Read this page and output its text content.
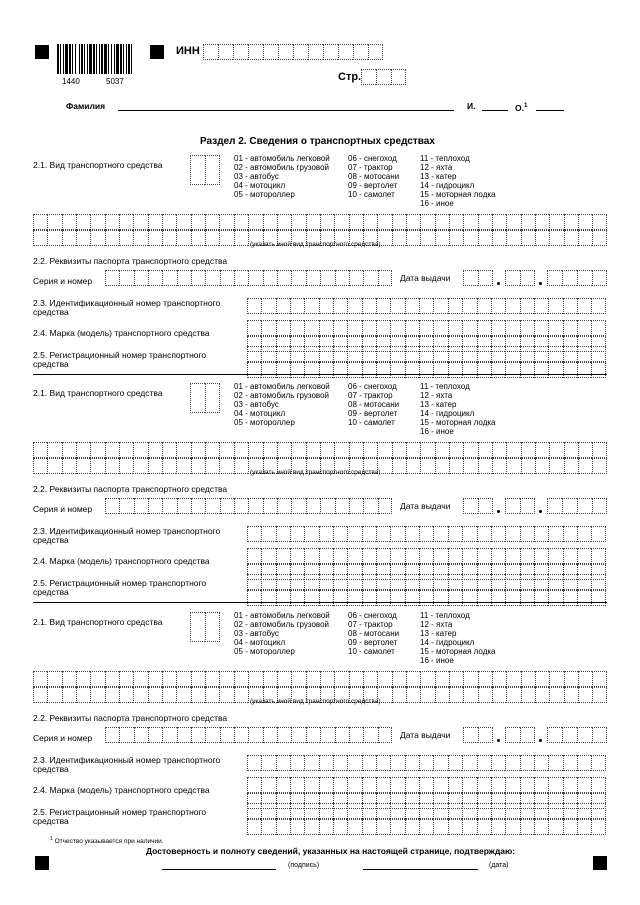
1440	5037
ИНН
Стр.
Фамилия	И.	О.$^1$
Раздел 2. Сведения о транспортных средствах
2.1. Вид транспортного средства
01 - автомобиль легковой
02 - автомобиль грузовой
03 - автобус
04 - мотоцикл
05 - мотороллер
06 - снегоход
07 - трактор
08 - мотосани
09 - вертолет
10 - самолет
11 - теплоход
12 - яхта
13 - катер
14 - гидроцикл
15 - моторная лодка
16 - иное
(указать иной вид транспортного средства)
2.2. Реквизиты паспорта транспортного средства
Серия и номер	Дата выдачи
2.3. Идентификационный номер транспортного
средства
2.4. Марка (модель) транспортного средства
2.5. Регистрационный номер транспортного
средства
2.1. Вид транспортного средства
01 - автомобиль легковой
02 - автомобиль грузовой
03 - автобус
04 - мотоцикл
05 - мотороллер
06 - снегоход
07 - трактор
08 - мотосани
09 - вертолет
10 - самолет
11 - теплоход
12 - яхта
13 - катер
14 - гидроцикл
15 - моторная лодка
16 - иное
(указать иной вид транспортного средства)
2.2. Реквизиты паспорта транспортного средства
Серия и номер	Дата выдачи
2.3. Идентификационный номер транспортного
средства
2.4. Марка (модель) транспортного средства
2.5. Регистрационный номер транспортного
средства
2.1. Вид транспортного средства
01 - автомобиль легковой
02 - автомобиль грузовой
03 - автобус
04 - мотоцикл
05 - мотороллер
06 - снегоход
07 - трактор
08 - мотосани
09 - вертолет
10 - самолет
11 - теплоход
12 - яхта
13 - катер
14 - гидроцикл
15 - моторная лодка
16 - иное
(указать иной вид транспортного средства)
2.2. Реквизиты паспорта транспортного средства
Серия и номер	Дата выдачи
2.3. Идентификационный номер транспортного
средства
2.4. Марка (модель) транспортного средства
2.5. Регистрационный номер транспортного
средства
$^1$ Отчество указывается при наличии.
Достоверность и полноту сведений, указанных на настоящей странице, подтверждаю:
(подпись)	(дата)
